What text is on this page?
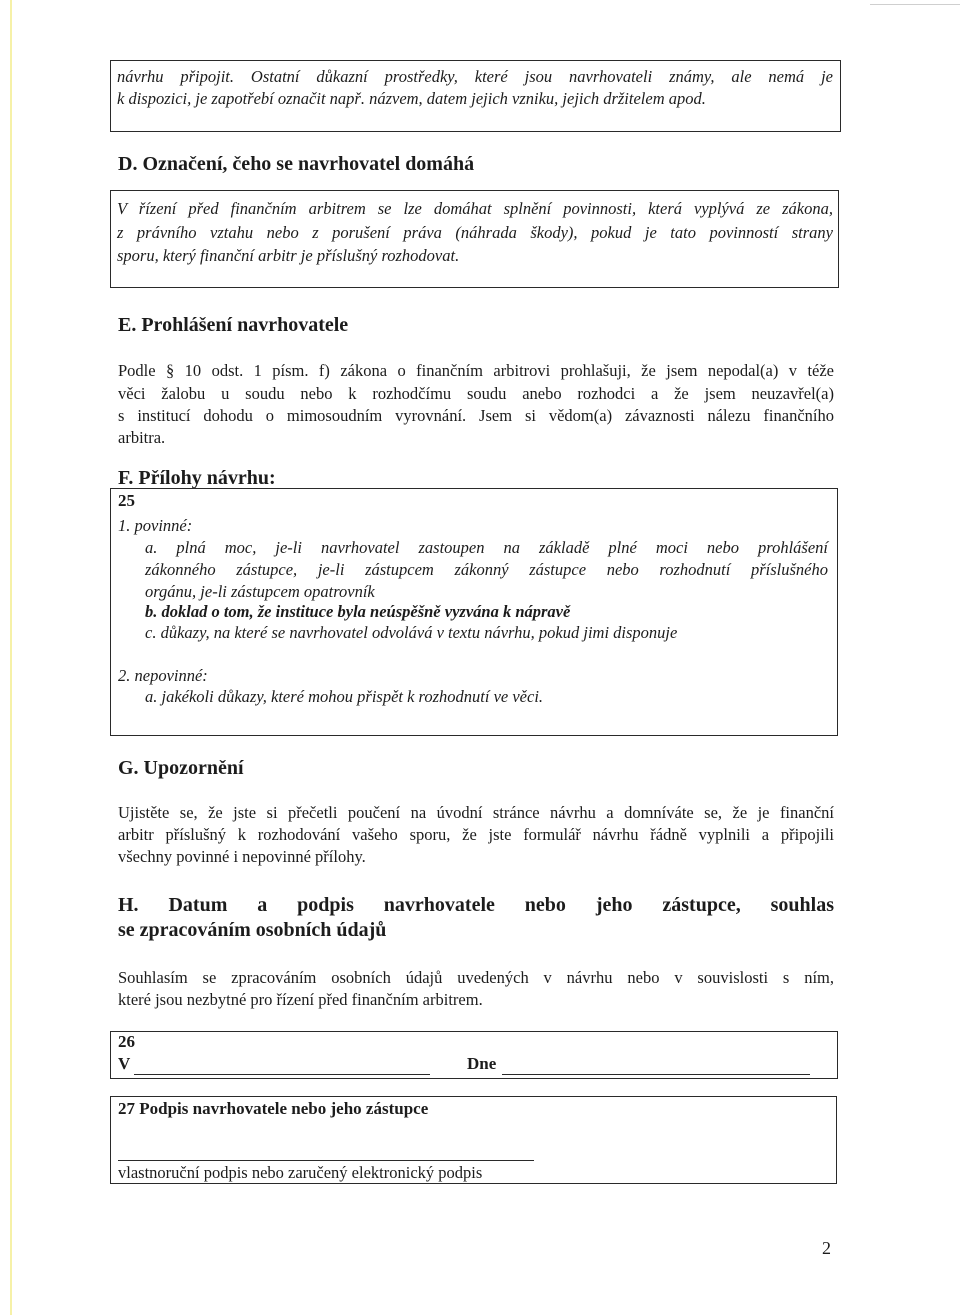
návrhu připojit. Ostatní důkazní prostředky, které jsou navrhovateli známy, ale nemá je
k dispozici, je zapotřebí označit např. názvem, datem jejich vzniku, jejich držitelem apod.
D. Označení, čeho se navrhovatel domáhá
V řízení před finančním arbitrem se lze domáhat splnění povinnosti, která vyplývá ze zákona,
z právního vztahu nebo z porušení práva (náhrada škody), pokud je tato povinností strany
sporu, který finanční arbitr je příslušný rozhodovat.
E. Prohlášení navrhovatele
Podle § 10 odst. 1 písm. f) zákona o finančním arbitrovi prohlašuji, že jsem nepodal(a) v téže
věci žalobu u soudu nebo k rozhodčímu soudu anebo rozhodci a že jsem neuzavřel(a)
s institucí dohodu o mimosoudním vyrovnání. Jsem si vědom(a) závaznosti nálezu finančního
arbitra.
F. Přílohy návrhu:
25
1. povinné:
a. plná moc, je-li navrhovatel zastoupen na základě plné moci nebo prohlášení
zákonného zástupce, je-li zástupcem zákonný zástupce nebo rozhodnutí příslušného
orgánu, je-li zástupcem opatrovník
b. doklad o tom, že instituce byla neúspěšně vyzvána k nápravě
c. důkazy, na které se navrhovatel odvolává v textu návrhu, pokud jimi disponuje
2. nepovinné:
a. jakékoli důkazy, které mohou přispět k rozhodnutí ve věci.
G. Upozornění
Ujistěte se, že jste si přečetli poučení na úvodní stránce návrhu a domníváte se, že je finanční
arbitr příslušný k rozhodování vašeho sporu, že jste formulář návrhu řádně vyplnili a připojili
všechny povinné i nepovinné přílohy.
H. Datum a podpis navrhovatele nebo jeho zástupce, souhlas
se zpracováním osobních údajů
Souhlasím se zpracováním osobních údajů uvedených v návrhu nebo v souvislosti s ním,
které jsou nezbytné pro řízení před finančním arbitrem.
26
V	Dne
27 Podpis navrhovatele nebo jeho zástupce
vlastnoruční podpis nebo zaručený elektronický podpis
2
